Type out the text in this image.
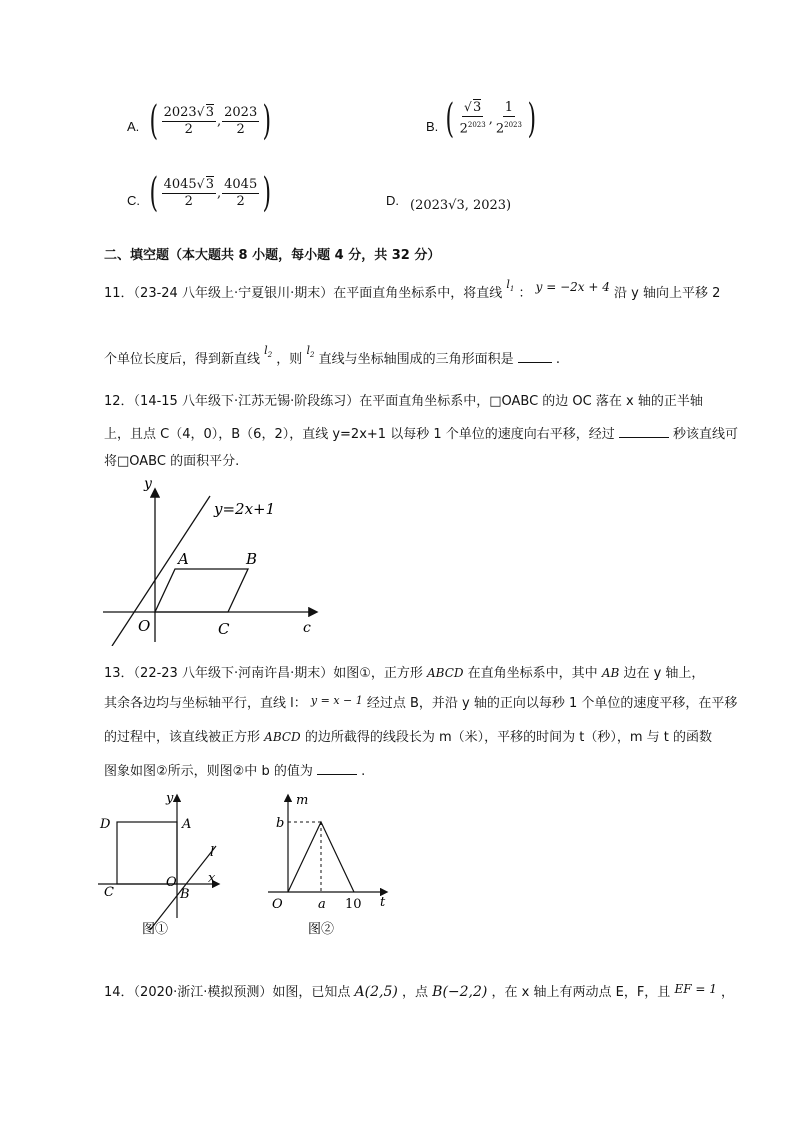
A. ( $\frac{2023 √ 3}{2}$ , $\frac{2023}{2}$ )	B. ( √ $\frac{3}{2^{2023}}$ , $\frac{1}{2^{2023}}$ )
C. ( $\frac{4045 √ 3}{2}$ , $\frac{4045}{2}$ )	D. (2023√3, 2023)
二、填空题（本大题共 8 小题，每小题 4 分，共 32 分）
11．（23-24 八年级上·宁夏银川·期末）在平面直角坐标系中，将直线 $^{l_1}$ ： y = −2x + 4 沿 y 轴向上平移 2
个单位长度后，得到新直线 $^{l_2}$ ，则 $^{l_2}$ 直线与坐标轴围成的三角形面积是	.
12．（14-15 八年级下·江苏无锡·阶段练习）在平面直角坐标系中，□OABC 的边 OC 落在 x 轴的正半轴
上，且点 C（4，0），B（6，2），直线 y=2x+1 以每秒 1 个单位的速度向右平移，经过	秒该直线可
将□OABC 的面积平分.
y
y=2x+1
A	B
O	C	c
13．（22-23 八年级下·河南许昌·期末）如图①，正方形 ABCD 在直角坐标系中，其中 AB 边在 y 轴上，
其余各边均与坐标轴平行，直线 l： $^{y = x - 1}$ 经过点 B，并沿 y 轴的正向以每秒 1 个单位的速度平移，在平移
的过程中，该直线被正方形 ABCD 的边所截得的线段长为 m（米），平移的时间为 t（秒），m 与 t 的函数
图象如图②所示，则图②中 b 的值为	.
y
D	A
l
x
C
O
B
图①
m
b
O	a 10 t
图②
14．（2020·浙江·模拟预测）如图，已知点 A(2,5) ，点 B(−2,2) ，在 x 轴上有两动点 E，F，且 EF = 1 ，
